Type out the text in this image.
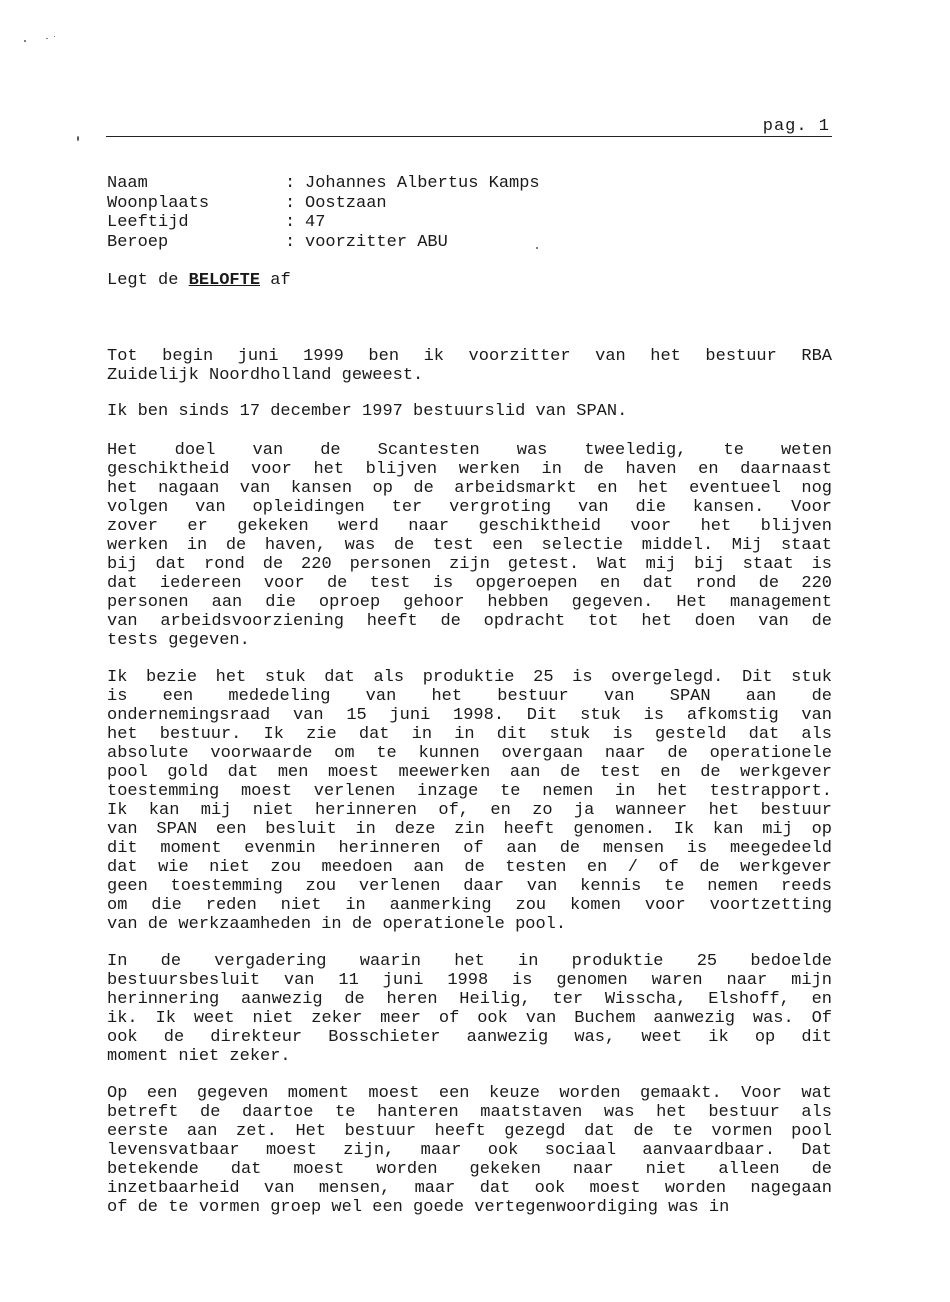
pag. 1
Naam	: Johannes Albertus Kamps
Woonplaats	: Oostzaan
Leeftijd	: 47
Beroep	: voorzitter ABU
Legt de BELOFTE af
Tot begin juni 1999 ben ik voorzitter van het bestuur RBA
Zuidelijk Noordholland geweest.
Ik ben sinds 17 december 1997 bestuurslid van SPAN.
Het doel van de Scantesten was tweeledig, te weten
geschiktheid voor het blijven werken in de haven en daarnaast
het nagaan van kansen op de arbeidsmarkt en het eventueel nog
volgen van opleidingen ter vergroting van die kansen. Voor
zover er gekeken werd naar geschiktheid voor het blijven
werken in de haven, was de test een selectie middel. Mij staat
bij dat rond de 220 personen zijn getest. Wat mij bij staat is
dat iedereen voor de test is opgeroepen en dat rond de 220
personen aan die oproep gehoor hebben gegeven. Het management
van arbeidsvoorziening heeft de opdracht tot het doen van de
tests gegeven.
Ik bezie het stuk dat als produktie 25 is overgelegd. Dit stuk
is een mededeling van het bestuur van SPAN aan de
ondernemingsraad van 15 juni 1998. Dit stuk is afkomstig van
het bestuur. Ik zie dat in in dit stuk is gesteld dat als
absolute voorwaarde om te kunnen overgaan naar de operationele
pool gold dat men moest meewerken aan de test en de werkgever
toestemming moest verlenen inzage te nemen in het testrapport.
Ik kan mij niet herinneren of, en zo ja wanneer het bestuur
van SPAN een besluit in deze zin heeft genomen. Ik kan mij op
dit moment evenmin herinneren of aan de mensen is meegedeeld
dat wie niet zou meedoen aan de testen en / of de werkgever
geen toestemming zou verlenen daar van kennis te nemen reeds
om die reden niet in aanmerking zou komen voor voortzetting
van de werkzaamheden in de operationele pool.
In de vergadering waarin het in produktie 25 bedoelde
bestuursbesluit van 11 juni 1998 is genomen waren naar mijn
herinnering aanwezig de heren Heilig, ter Wisscha, Elshoff, en
ik. Ik weet niet zeker meer of ook van Buchem aanwezig was. Of
ook de direkteur Bosschieter aanwezig was, weet ik op dit
moment niet zeker.
Op een gegeven moment moest een keuze worden gemaakt. Voor wat
betreft de daartoe te hanteren maatstaven was het bestuur als
eerste aan zet. Het bestuur heeft gezegd dat de te vormen pool
levensvatbaar moest zijn, maar ook sociaal aanvaardbaar. Dat
betekende dat moest worden gekeken naar niet alleen de
inzetbaarheid van mensen, maar dat ook moest worden nagegaan
of de te vormen groep wel een goede vertegenwoordiging was in
